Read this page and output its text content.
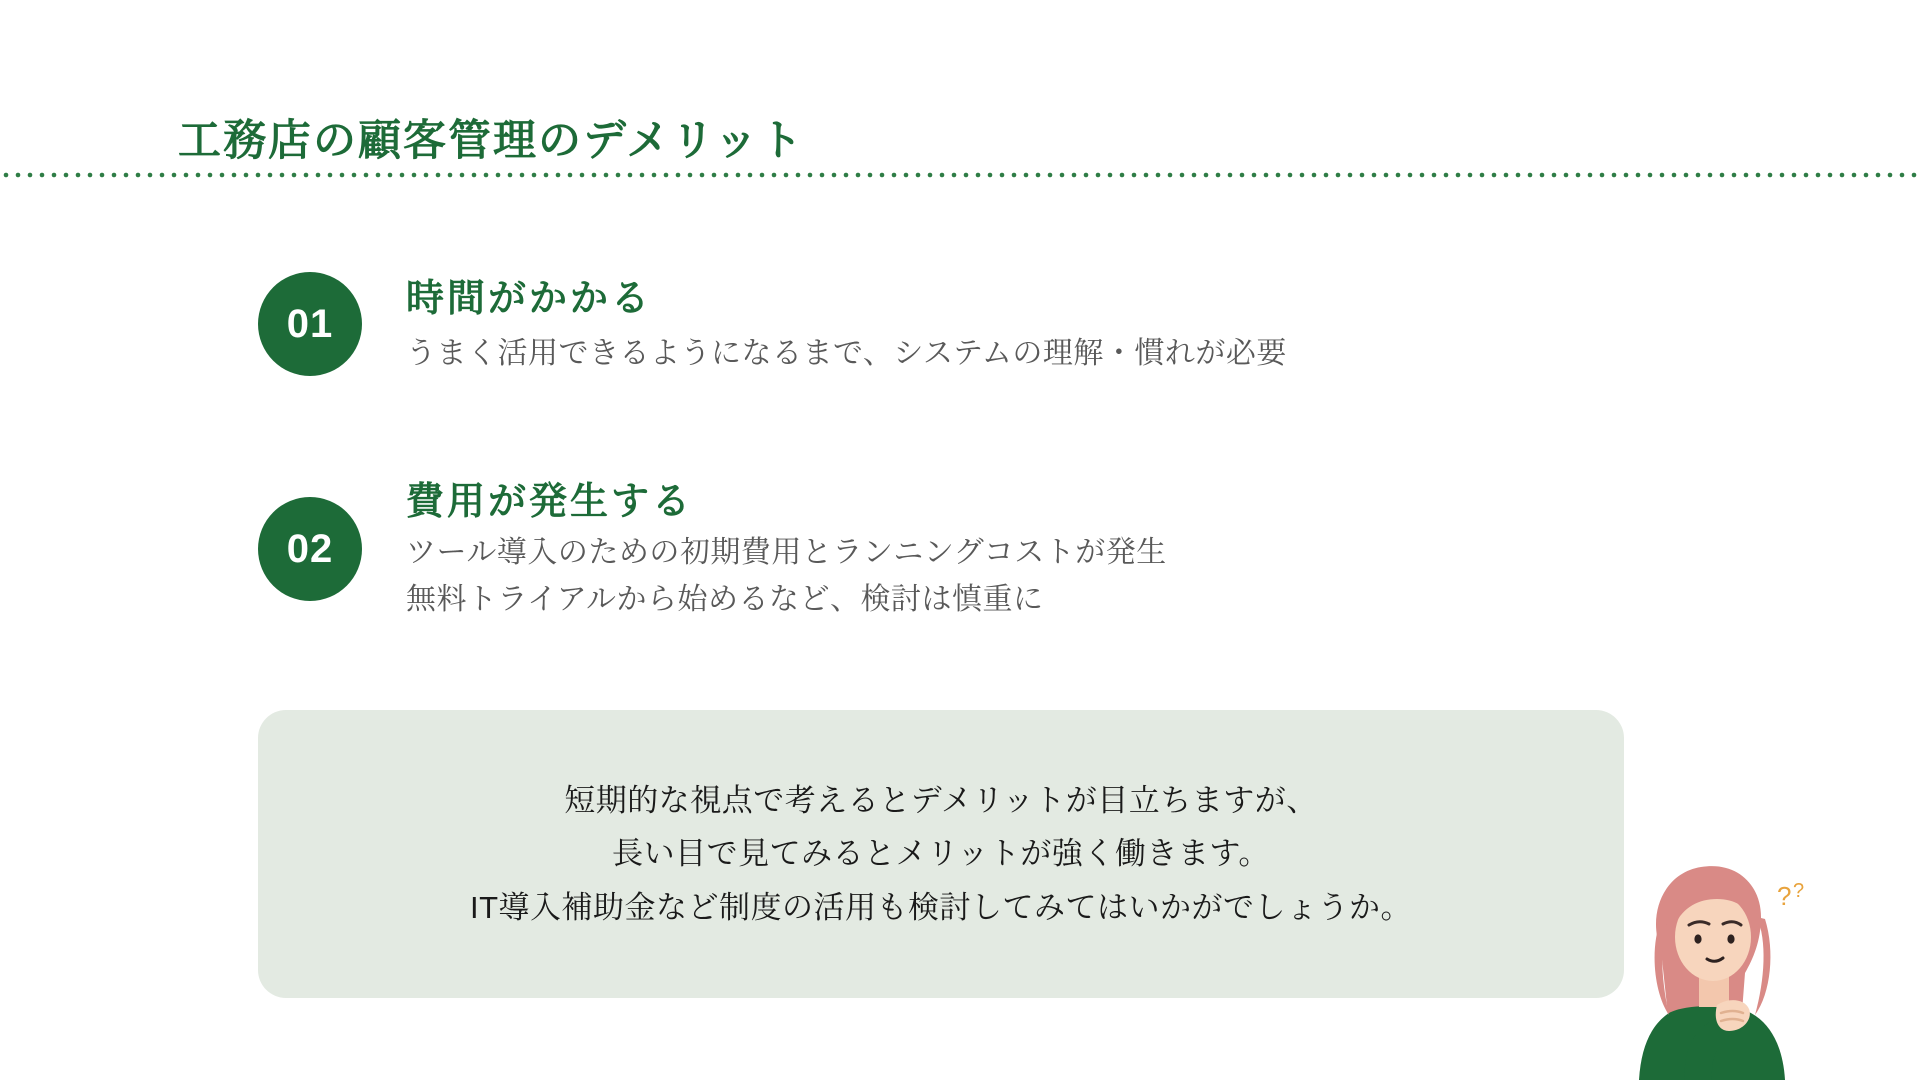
工務店の顧客管理のデメリット
01
時間がかかる
うまく活用できるようになるまで、システムの理解・慣れが必要
02
費用が発生する
ツール導入のための初期費用とランニングコストが発生
無料トライアルから始めるなど、検討は慎重に
短期的な視点で考えるとデメリットが目立ちますが、
長い目で見てみるとメリットが強く働きます。
IT導入補助金など制度の活用も検討してみてはいかがでしょうか。	? ?
